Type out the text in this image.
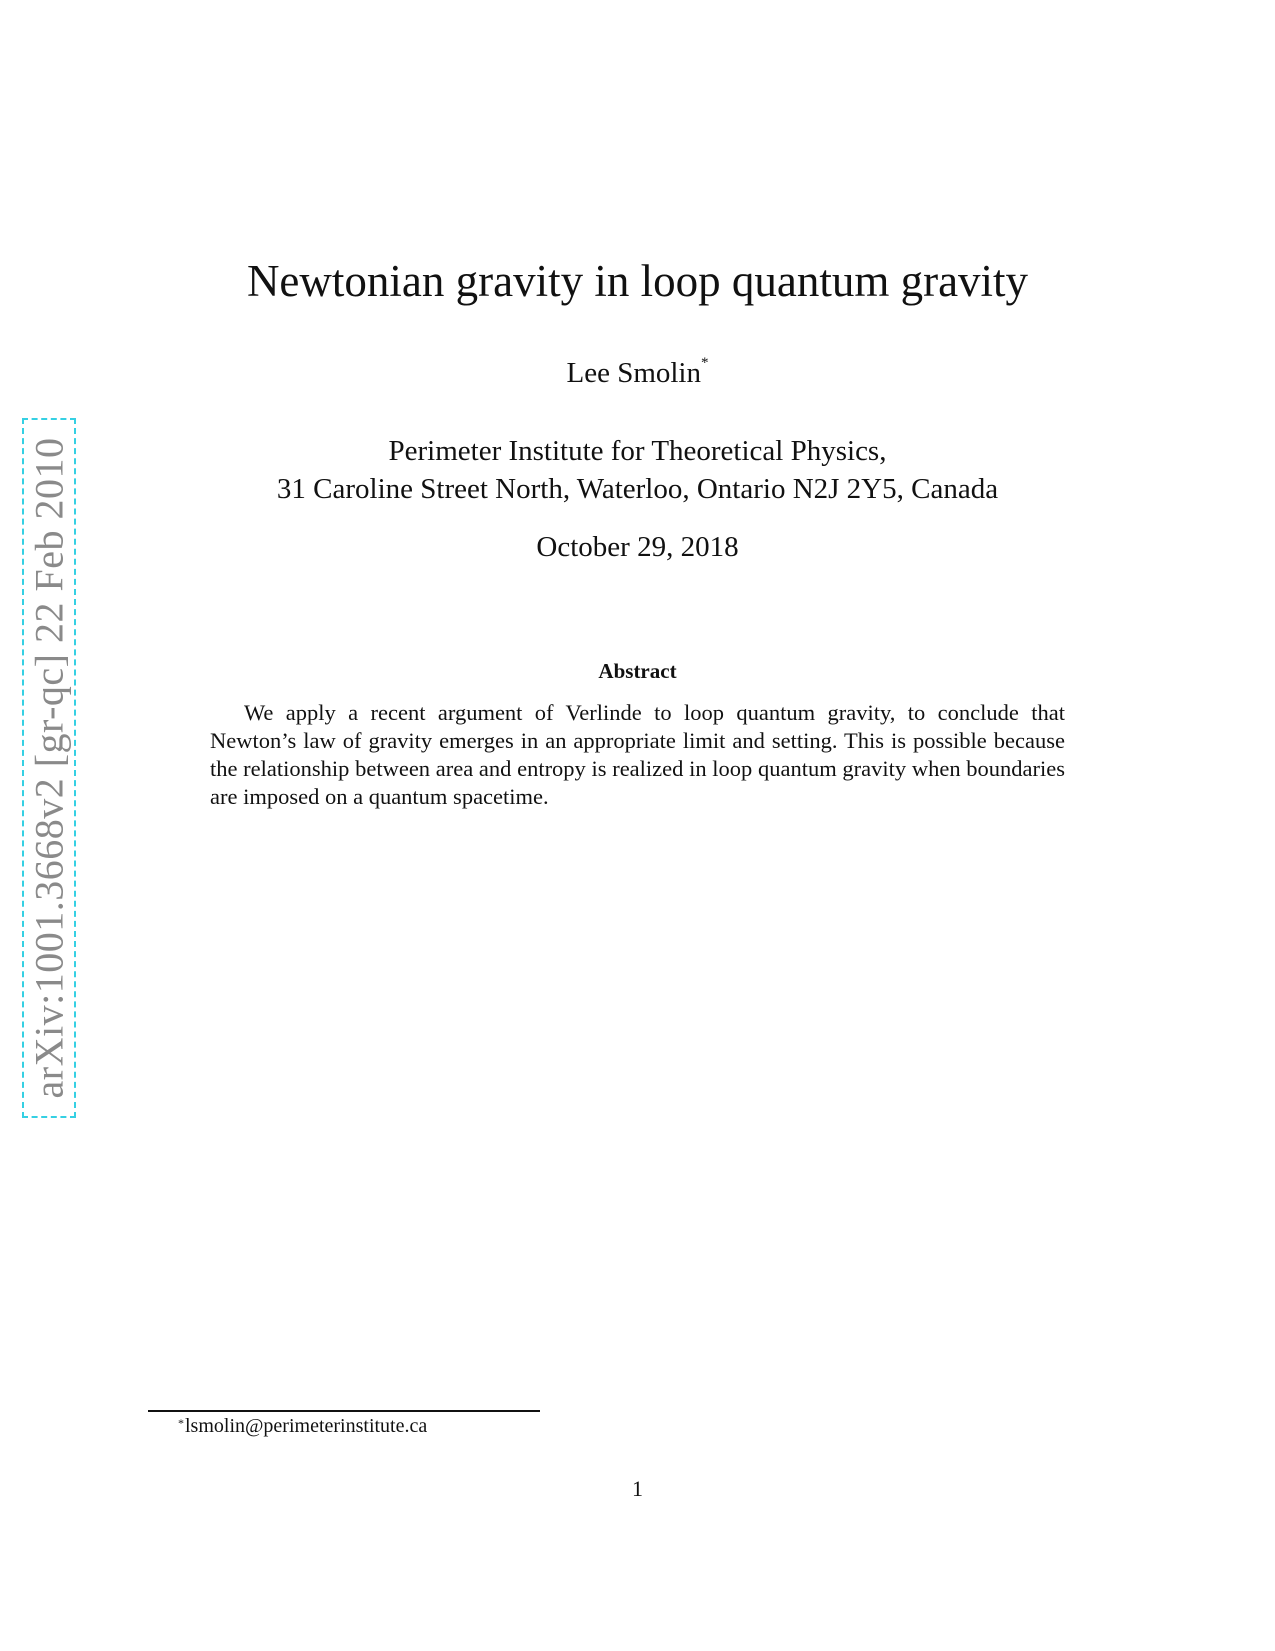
arXiv:1001.3668v2 [gr-qc] 22 Feb 2010
Newtonian gravity in loop quantum gravity
Lee Smolin*
Perimeter Institute for Theoretical Physics,
31 Caroline Street North, Waterloo, Ontario N2J 2Y5, Canada
October 29, 2018
Abstract

We apply a recent argument of Verlinde to loop quantum gravity, to conclude that Newton’s law of gravity emerges in an appropriate limit and setting. This is possible because the relationship between area and entropy is realized in loop quantum gravity when boundaries are imposed on a quantum spacetime.

*lsmolin@perimeterinstitute.ca
1
